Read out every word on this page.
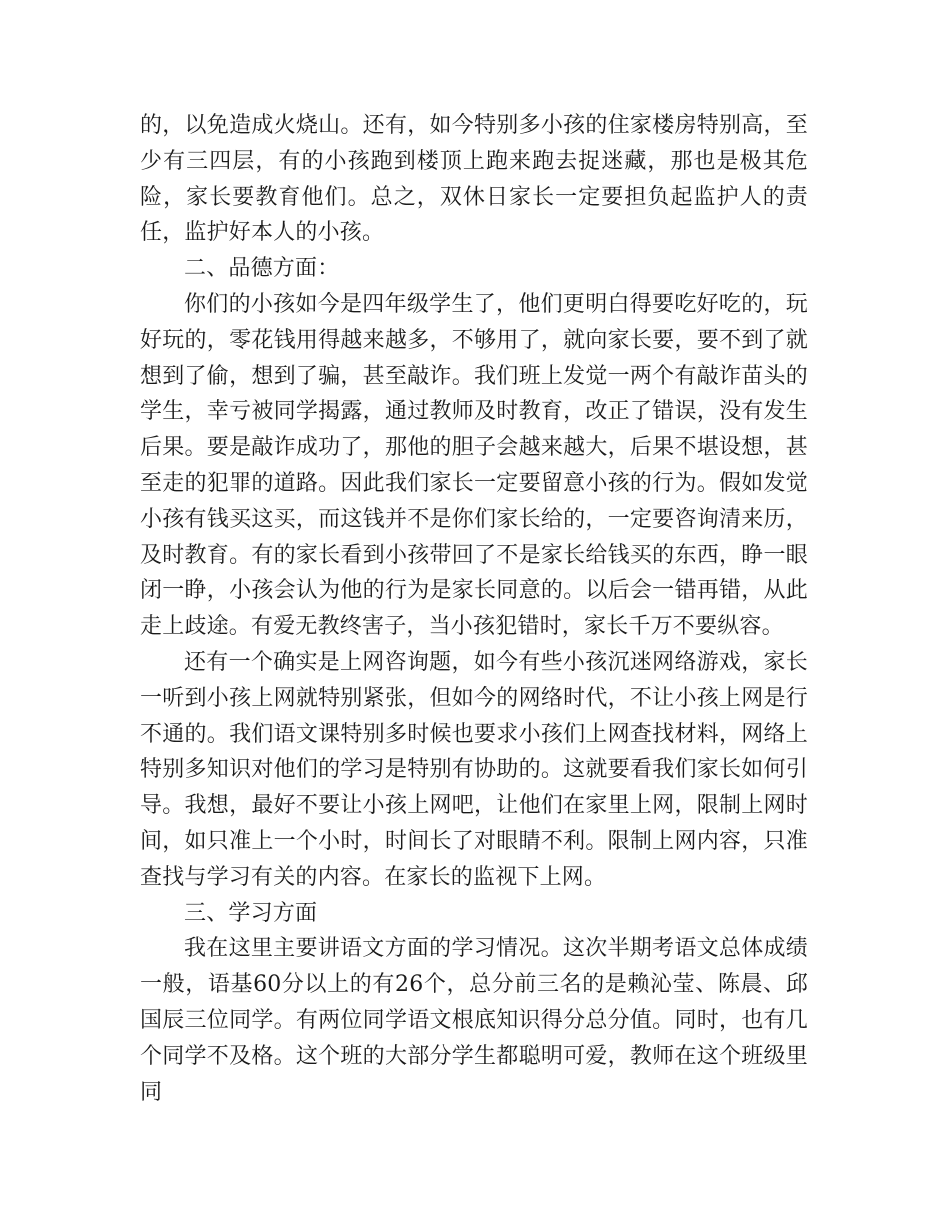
的，以免造成火烧山。还有，如今特别多小孩的住家楼房特别高，至少有三四层，有的小孩跑到楼顶上跑来跑去捉迷藏，那也是极其危险，家长要教育他们。总之，双休日家长一定要担负起监护人的责任，监护好本人的小孩。

二、品德方面：

你们的小孩如今是四年级学生了，他们更明白得要吃好吃的，玩好玩的，零花钱用得越来越多，不够用了，就向家长要，要不到了就想到了偷，想到了骗，甚至敲诈。我们班上发觉一两个有敲诈苗头的学生，幸亏被同学揭露，通过教师及时教育，改正了错误，没有发生后果。要是敲诈成功了，那他的胆子会越来越大，后果不堪设想，甚至走的犯罪的道路。因此我们家长一定要留意小孩的行为。假如发觉小孩有钱买这买，而这钱并不是你们家长给的，一定要咨询清来历，及时教育。有的家长看到小孩带回了不是家长给钱买的东西，睁一眼闭一睁，小孩会认为他的行为是家长同意的。以后会一错再错，从此走上歧途。有爱无教终害子，当小孩犯错时，家长千万不要纵容。

还有一个确实是上网咨询题，如今有些小孩沉迷网络游戏，家长一听到小孩上网就特别紧张，但如今的网络时代，不让小孩上网是行不通的。我们语文课特别多时候也要求小孩们上网查找材料，网络上特别多知识对他们的学习是特别有协助的。这就要看我们家长如何引导。我想，最好不要让小孩上网吧，让他们在家里上网，限制上网时间，如只准上一个小时，时间长了对眼睛不利。限制上网内容，只准查找与学习有关的内容。在家长的监视下上网。

三、学习方面

我在这里主要讲语文方面的学习情况。这次半期考语文总体成绩一般，语基60分以上的有26个，总分前三名的是赖沁莹、陈晨、邱国辰三位同学。有两位同学语文根底知识得分总分值。同时，也有几个同学不及格。这个班的大部分学生都聪明可爱，教师在这个班级里同
